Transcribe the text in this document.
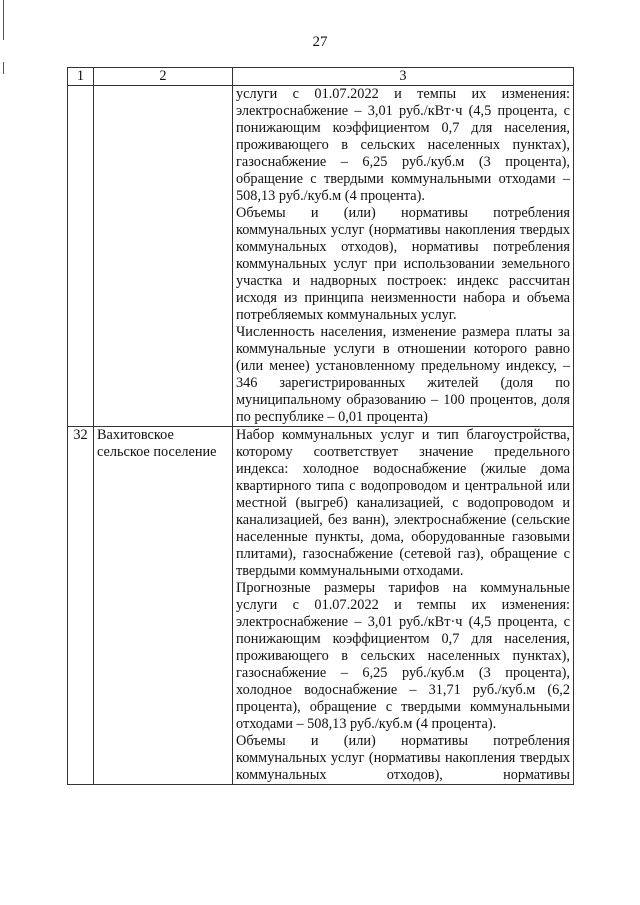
27
1	2	3

		услуги с 01.07.2022 и темпы их изменения: электроснабжение – 3,01 руб./кВт·ч (4,5 процента, с понижающим коэффициентом 0,7 для населения, проживающего в сельских населенных пунктах), газоснабжение – 6,25 руб./куб.м (3 процента), обращение с твердыми коммунальными отходами – 508,13 руб./куб.м (4 процента).

Объемы и (или) нормативы потребления коммунальных услуг (нормативы накопления твердых коммунальных отходов), нормативы потребления коммунальных услуг при использовании земельного участка и надворных построек: индекс рассчитан исходя из принципа неизменности набора и объема потребляемых коммунальных услуг.

Численность населения, изменение размера платы за коммунальные услуги в отношении которого равно (или менее) установленному предельному индексу, – 346 зарегистрированных жителей (доля по муниципальному образованию – 100 процентов, доля по республике – 0,01 процента)

32	Вахитовское сельское поселение	Набор коммунальных услуг и тип благоустройства, которому соответствует значение предельного индекса: холодное водоснабжение (жилые дома квартирного типа с водопроводом и центральной или местной (выгреб) канализацией, с водопроводом и канализацией, без ванн), электроснабжение (сельские населенные пункты, дома, оборудованные газовыми плитами), газоснабжение (сетевой газ), обращение с твердыми коммунальными отходами.

Прогнозные размеры тарифов на коммунальные услуги с 01.07.2022 и темпы их изменения: электроснабжение – 3,01 руб./кВт·ч (4,5 процента, с понижающим коэффициентом 0,7 для населения, проживающего в сельских населенных пунктах), газоснабжение – 6,25 руб./куб.м (3 процента), холодное водоснабжение – 31,71 руб./куб.м (6,2 процента), обращение с твердыми коммунальными отходами – 508,13 руб./куб.м (4 процента).

Объемы и (или) нормативы потребления коммунальных услуг (нормативы накопления твердых коммунальных отходов), нормативы
